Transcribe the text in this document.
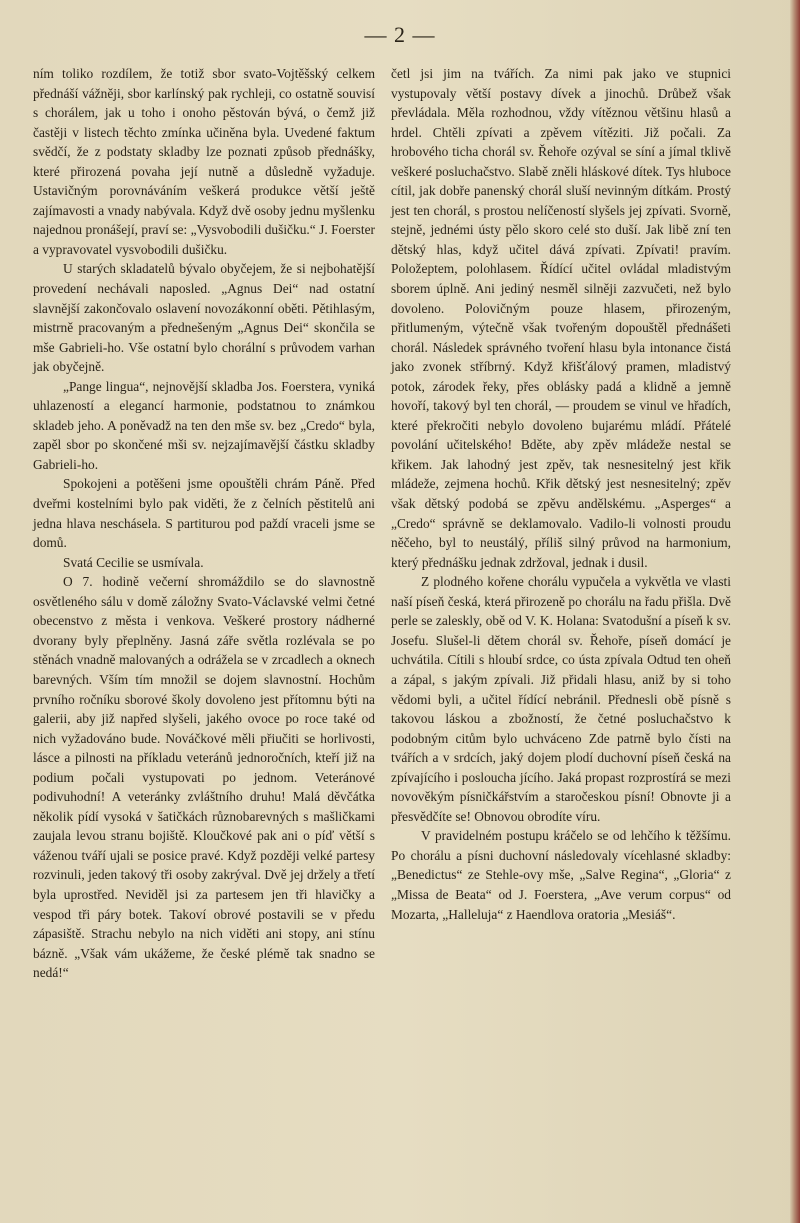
— 2 —

ním toliko rozdílem, že totiž sbor svato-Vojtěšský celkem přednáší vážněji, sbor karlínský pak rychleji, co ostatně souvisí s chorálem, jak u toho i onoho pěstován bývá, o čemž již častěji v listech těchto zmínka učiněna byla. Uvedené faktum svědčí, že z podstaty skladby lze poznati způsob přednášky, které přirozená povaha její nutně a důsledně vyžaduje. Ustavičným porovnáváním veškerá produkce větší ještě zajímavosti a vnady nabývala. Když dvě osoby jednu myšlenku najednou pronášejí, praví se: „Vysvobodili dušičku.“ J. Foerster a vypravovatel vysvobodili dušičku.

U starých skladatelů bývalo obyčejem, že si nejbohatější provedení nechávali naposled. „Agnus Dei“ nad ostatní slavnější zakončovalo oslavení novozákonní oběti. Pětihlasým, mistrně pracovaným a přednešeným „Agnus Dei“ skončila se mše Gabrieli-ho. Vše ostatní bylo chorální s průvodem varhan jak obyčejně.

„Pange lingua“, nejnovější skladba Jos. Foerstera, vyniká uhlazeností a elegancí harmonie, podstatnou to známkou skladeb jeho. A poněvadž na ten den mše sv. bez „Credo“ byla, zapěl sbor po skončené mši sv. nejzajímavější částku skladby Gabrieli-ho.

Spokojeni a potěšeni jsme opouštěli chrám Páně. Před dveřmi kostelními bylo pak viděti, že z čelních pěstitelů ani jedna hlava neschásela. S partiturou pod paždí vraceli jsme se domů.

Svatá Cecilie se usmívala.

O 7. hodině večerní shromáždilo se do slavnostně osvětleného sálu v domě záložny Svato-Václavské velmi četné obecenstvo z města i venkova. Veškeré prostory nádherné dvorany byly přeplněny. Jasná záře světla rozlévala se po stěnách vnadně malovaných a odrážela se v zrcadlech a oknech barevných. Vším tím množil se dojem slavnostní. Hochům prvního ročníku sborové školy dovoleno jest přítomnu býti na galerii, aby již napřed slyšeli, jakého ovoce po roce také od nich vyžadováno bude. Nováčkové měli přiučiti se horlivosti, lásce a pilnosti na příkladu veteránů jednoročních, kteří již na podium počali vystupovati po jednom. Veteránové podivuhodní! A veteránky zvláštního druhu! Malá děvčátka několik pídí vysoká v šatičkách různobarevných s mašličkami zaujala levou stranu bojiště. Kloučkové pak ani o píď větší s váženou tváří ujali se posice pravé. Když později velké partesy rozvinuli, jeden takový tři osoby zakrýval. Dvě jej držely a třetí byla uprostřed. Neviděl jsi za partesem jen tři hlavičky a vespod tři páry botek. Takoví obrové postavili se v předu zápasiště. Strachu nebylo na nich viděti ani stopy, ani stínu bázně. „Však vám ukážeme, že české plémě tak snadno se nedá!“

četl jsi jim na tvářích. Za nimi pak jako ve stupnici vystupovaly větší postavy dívek a jinochů. Drůbež však převládala. Měla rozhodnou, vždy vítěznou většinu hlasů a hrdel. Chtěli zpívati a zpěvem vítěziti. Již počali. Za hrobového ticha chorál sv. Řehoře ozýval se síní a jímal tklivě veškeré posluchačstvo. Slabě zněli hláskové dítek. Tys hluboce cítil, jak dobře panenský chorál sluší nevinným dítkám. Prostý jest ten chorál, s prostou nelíčeností slyšels jej zpívati. Svorně, stejně, jednémi ústy pělo skoro celé sto duší. Jak libě zní ten dětský hlas, když učitel dává zpívati. Zpívati! pravím. Položeptem, polohlasem. Řídící učitel ovládal mladistvým sborem úplně. Ani jediný nesměl silněji zazvučeti, než bylo dovoleno. Polovičným pouze hlasem, přirozeným, přitlumeným, výtečně však tvořeným dopouštěl přednášeti chorál. Následek správného tvoření hlasu byla intonance čistá jako zvonek stříbrný. Když křišťálový pramen, mladistvý potok, zárodek řeky, přes oblásky padá a klidně a jemně hovoří, takový byl ten chorál, — proudem se vinul ve hřadích, které překročiti nebylo dovoleno bujarému mládí. Přátelé povolání učitelského! Bděte, aby zpěv mládeže nestal se křikem. Jak lahodný jest zpěv, tak nesnesitelný jest křik mládeže, zejmena hochů. Křik dětský jest nesnesitelný; zpěv však dětský podobá se zpěvu andělskému. „Asperges“ a „Credo“ správně se deklamovalo. Vadilo-li volnosti proudu něčeho, byl to neustálý, příliš silný průvod na harmonium, který přednášku jednak zdržoval, jednak i dusil.

Z plodného kořene chorálu vypučela a vykvětla ve vlasti naší píseň česká, která přirozeně po chorálu na řadu přišla. Dvě perle se zaleskly, obě od V. K. Holana: Svatodušní a píseň k sv. Josefu. Slušel-li dětem chorál sv. Řehoře, píseň domácí je uchvátila. Cítili s hloubí srdce, co ústa zpívala Odtud ten oheň a zápal, s jakým zpívali. Již přidali hlasu, aniž by si toho vědomi byli, a učitel řídící nebránil. Přednesli obě písně s takovou láskou a zbožností, že četné posluchačstvo k podobným citům bylo uchváceno Zde patrně bylo čísti na tvářích a v srdcích, jaký dojem plodí duchovní píseň česká na zpívajícího i posloucha jícího. Jaká propast rozprostírá se mezi novověkým písničkářstvím a staročeskou písní! Obnovte ji a přesvědčíte se! Obnovou obrodíte víru.

V pravidelném postupu kráčelo se od lehčího k těžšímu. Po chorálu a písni duchovní následovaly vícehlasné skladby: „Benedictus“ ze Stehle-ovy mše, „Salve Regina“, „Gloria“ z „Missa de Beata“ od J. Foerstera, „Ave verum corpus“ od Mozarta, „Halleluja“ z Haendlova oratoria „Mesiáš“.
